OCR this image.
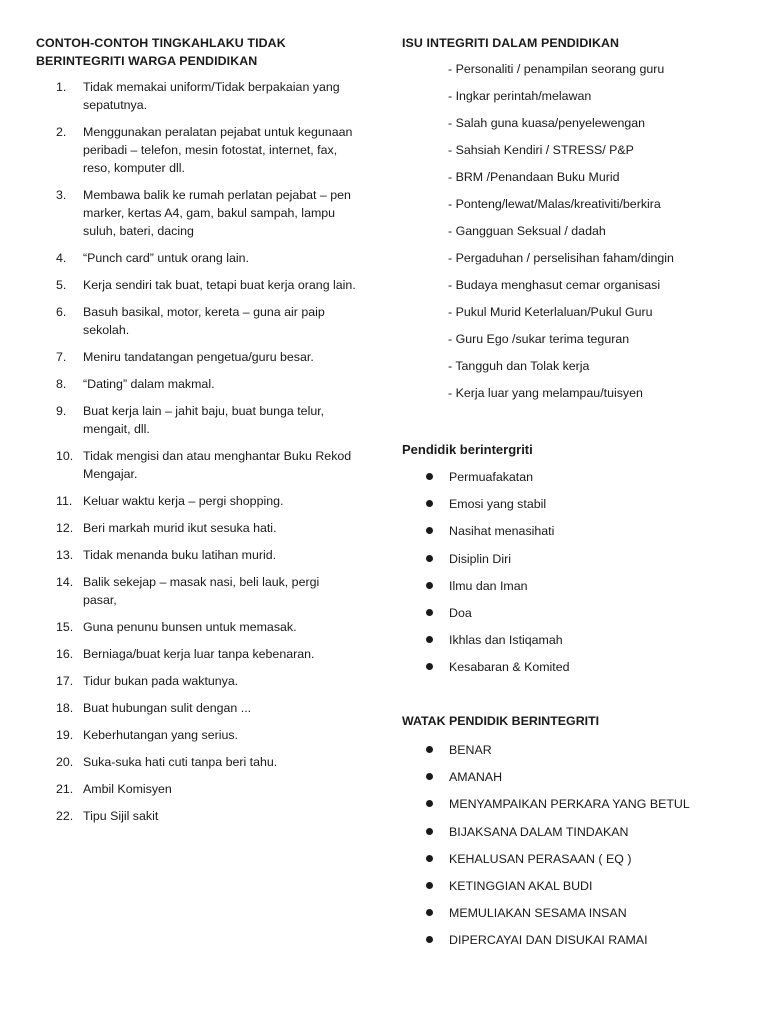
CONTOH-CONTOH TINGKAHLAKU TIDAK
BERINTEGRITI WARGA PENDIDIKAN
1. Tidak memakai uniform/Tidak berpakaian yang sepatutnya.
2. Menggunakan peralatan pejabat untuk kegunaan peribadi – telefon, mesin fotostat, internet, fax, reso, komputer dll.
3. Membawa balik ke rumah perlatan pejabat – pen marker, kertas A4, gam, bakul sampah, lampu suluh, bateri, dacing
4. “Punch card” untuk orang lain.
5. Kerja sendiri tak buat, tetapi buat kerja orang lain.
6. Basuh basikal, motor, kereta – guna air paip sekolah.
7. Meniru tandatangan pengetua/guru besar.
8. “Dating” dalam makmal.
9. Buat kerja lain – jahit baju, buat bunga telur, mengait, dll.
10. Tidak mengisi dan atau menghantar Buku Rekod Mengajar.
11. Keluar waktu kerja – pergi shopping.
12. Beri markah murid ikut sesuka hati.
13. Tidak menanda buku latihan murid.
14. Balik sekejap – masak nasi, beli lauk, pergi pasar,
15. Guna penunu bunsen untuk memasak.
16. Berniaga/buat kerja luar tanpa kebenaran.
17. Tidur bukan pada waktunya.
18. Buat hubungan sulit dengan ...
19. Keberhutangan yang serius.
20. Suka-suka hati cuti tanpa beri tahu.
21. Ambil Komisyen
22. Tipu Sijil sakit
ISU INTEGRITI DALAM PENDIDIKAN
- Personaliti / penampilan seorang guru
- Ingkar perintah/melawan
- Salah guna kuasa/penyelewengan
- Sahsiah Kendiri / STRESS/ P&P
- BRM /Penandaan Buku Murid
- Ponteng/lewat/Malas/kreativiti/berkira
- Gangguan Seksual / dadah
- Pergaduhan / perselisihan faham/dingin
- Budaya menghasut cemar organisasi
- Pukul Murid Keterlaluan/Pukul Guru
- Guru Ego /sukar terima teguran
- Tangguh dan Tolak kerja
- Kerja luar yang melampau/tuisyen
Pendidik berintergriti
Permuafakatan
Emosi yang stabil
Nasihat menasihati
Disiplin Diri
Ilmu dan Iman
Doa
Ikhlas dan Istiqamah
Kesabaran & Komited
WATAK PENDIDIK BERINTEGRITI
BENAR
AMANAH
MENYAMPAIKAN PERKARA YANG BETUL
BIJAKSANA DALAM TINDAKAN
KEHALUSAN PERASAAN ( EQ )
KETINGGIAN AKAL BUDI
MEMULIAKAN SESAMA INSAN
DIPERCAYAI DAN DISUKAI RAMAI
